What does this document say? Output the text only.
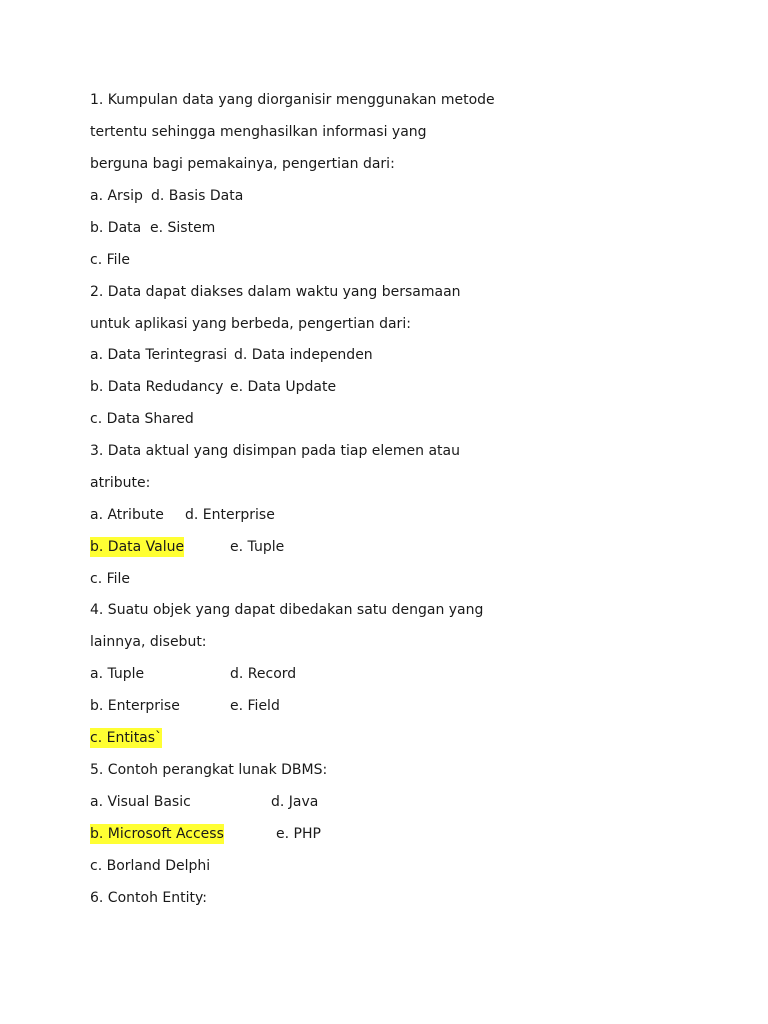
1. Kumpulan data yang diorganisir menggunakan metode
tertentu sehingga menghasilkan informasi yang
berguna bagi pemakainya, pengertian dari:
a. Arsip d. Basis Data
b. Data e. Sistem
c. File
2. Data dapat diakses dalam waktu yang bersamaan
untuk aplikasi yang berbeda, pengertian dari:
a. Data Terintegrasi d. Data independen
b. Data Redudancy e. Data Update
c. Data Shared
3. Data aktual yang disimpan pada tiap elemen atau
atribute:
a. Atribute d. Enterprise
b. Data Value	e. Tuple
c. File
4. Suatu objek yang dapat dibedakan satu dengan yang
lainnya, disebut:
a. Tuple	d. Record
b. Enterprise	e. Field
c. Entitas`
5. Contoh perangkat lunak DBMS:
a. Visual Basic	d. Java
b. Microsoft Access	e. PHP
c. Borland Delphi
6. Contoh Entity:
